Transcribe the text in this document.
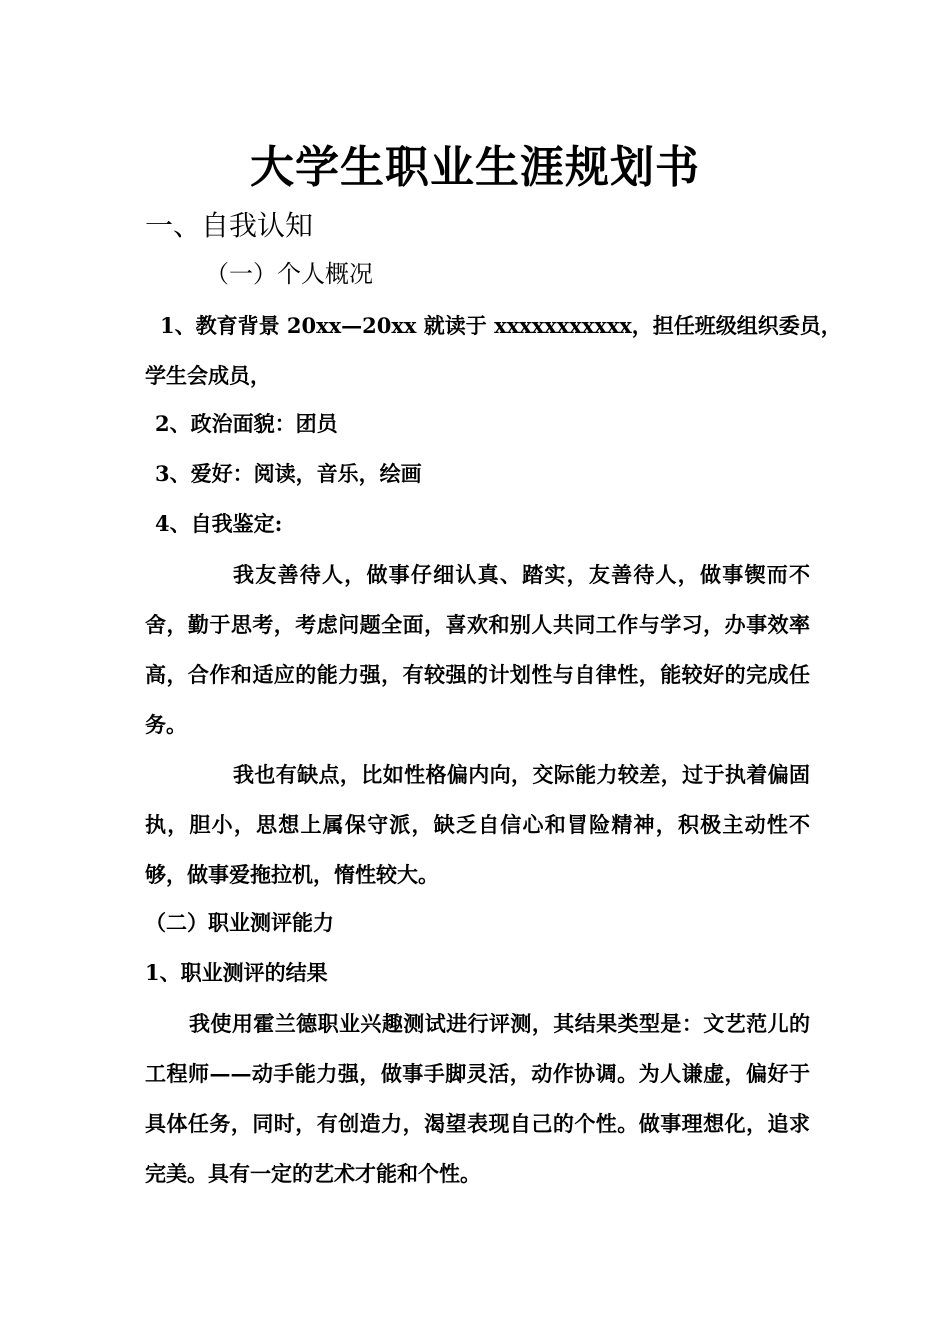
大学生职业生涯规划书
一、自我认知
（一）个人概况
1、教育背景 20xx—20xx 就读于 xxxxxxxxxxx，担任班级组织委员，
学生会成员，
2、政治面貌：团员
3、爱好：阅读，音乐，绘画
4、自我鉴定:
我友善待人，做事仔细认真、踏实，友善待人，做事锲而不舍，勤于思考，考虑问题全面，喜欢和别人共同工作与学习，办事效率高，合作和适应的能力强，有较强的计划性与自律性，能较好的完成任务。
我也有缺点，比如性格偏内向，交际能力较差，过于执着偏固执，胆小，思想上属保守派，缺乏自信心和冒险精神，积极主动性不够，做事爱拖拉机，惰性较大。
（二）职业测评能力
1、职业测评的结果
我使用霍兰德职业兴趣测试进行评测，其结果类型是：文艺范儿的工程师——动手能力强，做事手脚灵活，动作协调。为人谦虚，偏好于具体任务，同时，有创造力，渴望表现自己的个性。做事理想化，追求完美。具有一定的艺术才能和个性。
